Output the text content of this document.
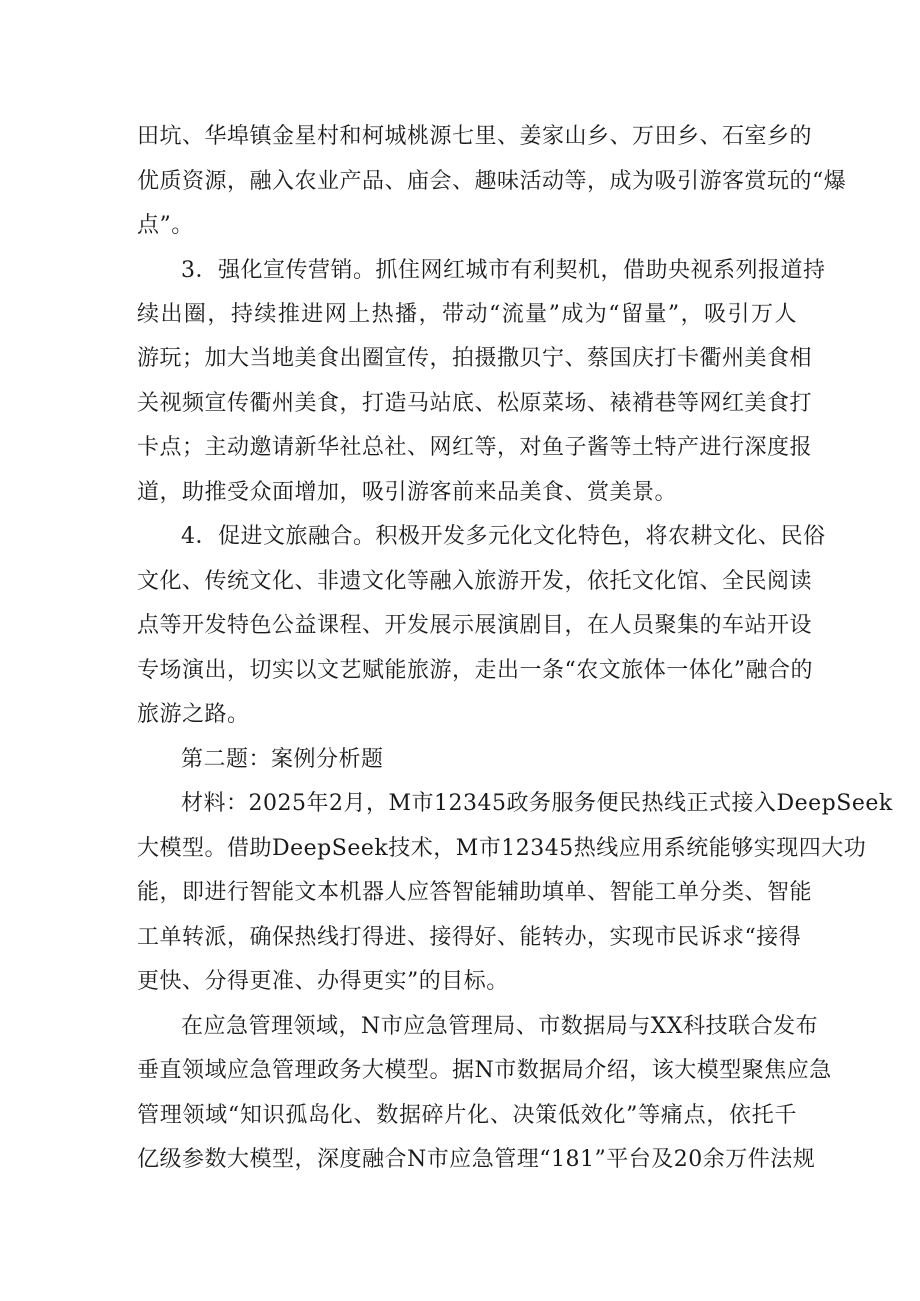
田坑、华埠镇金星村和柯城桃源七里、姜家山乡、万田乡、石室乡的
优质资源，融入农业产品、庙会、趣味活动等，成为吸引游客赏玩的“爆
点”。
3．强化宣传营销。抓住网红城市有利契机，借助央视系列报道持
续出圈，持续推进网上热播，带动“流量”成为“留量”，吸引万人
游玩；加大当地美食出圈宣传，拍摄撒贝宁、蔡国庆打卡衢州美食相
关视频宣传衢州美食，打造马站底、松原菜场、裱褙巷等网红美食打
卡点；主动邀请新华社总社、网红等，对鱼子酱等土特产进行深度报
道，助推受众面增加，吸引游客前来品美食、赏美景。
4．促进文旅融合。积极开发多元化文化特色，将农耕文化、民俗
文化、传统文化、非遗文化等融入旅游开发，依托文化馆、全民阅读
点等开发特色公益课程、开发展示展演剧目，在人员聚集的车站开设
专场演出，切实以文艺赋能旅游，走出一条“农文旅体一体化”融合的
旅游之路。
第二题：案例分析题
材料：2025年2月，M市12345政务服务便民热线正式接入DeepSeek
大模型。借助DeepSeek技术，M市12345热线应用系统能够实现四大功
能，即进行智能文本机器人应答智能辅助填单、智能工单分类、智能
工单转派，确保热线打得进、接得好、能转办，实现市民诉求“接得
更快、分得更准、办得更实”的目标。
在应急管理领域，N市应急管理局、市数据局与XX科技联合发布
垂直领域应急管理政务大模型。据N市数据局介绍，该大模型聚焦应急
管理领域“知识孤岛化、数据碎片化、决策低效化”等痛点，依托千
亿级参数大模型，深度融合N市应急管理“181”平台及20余万件法规
